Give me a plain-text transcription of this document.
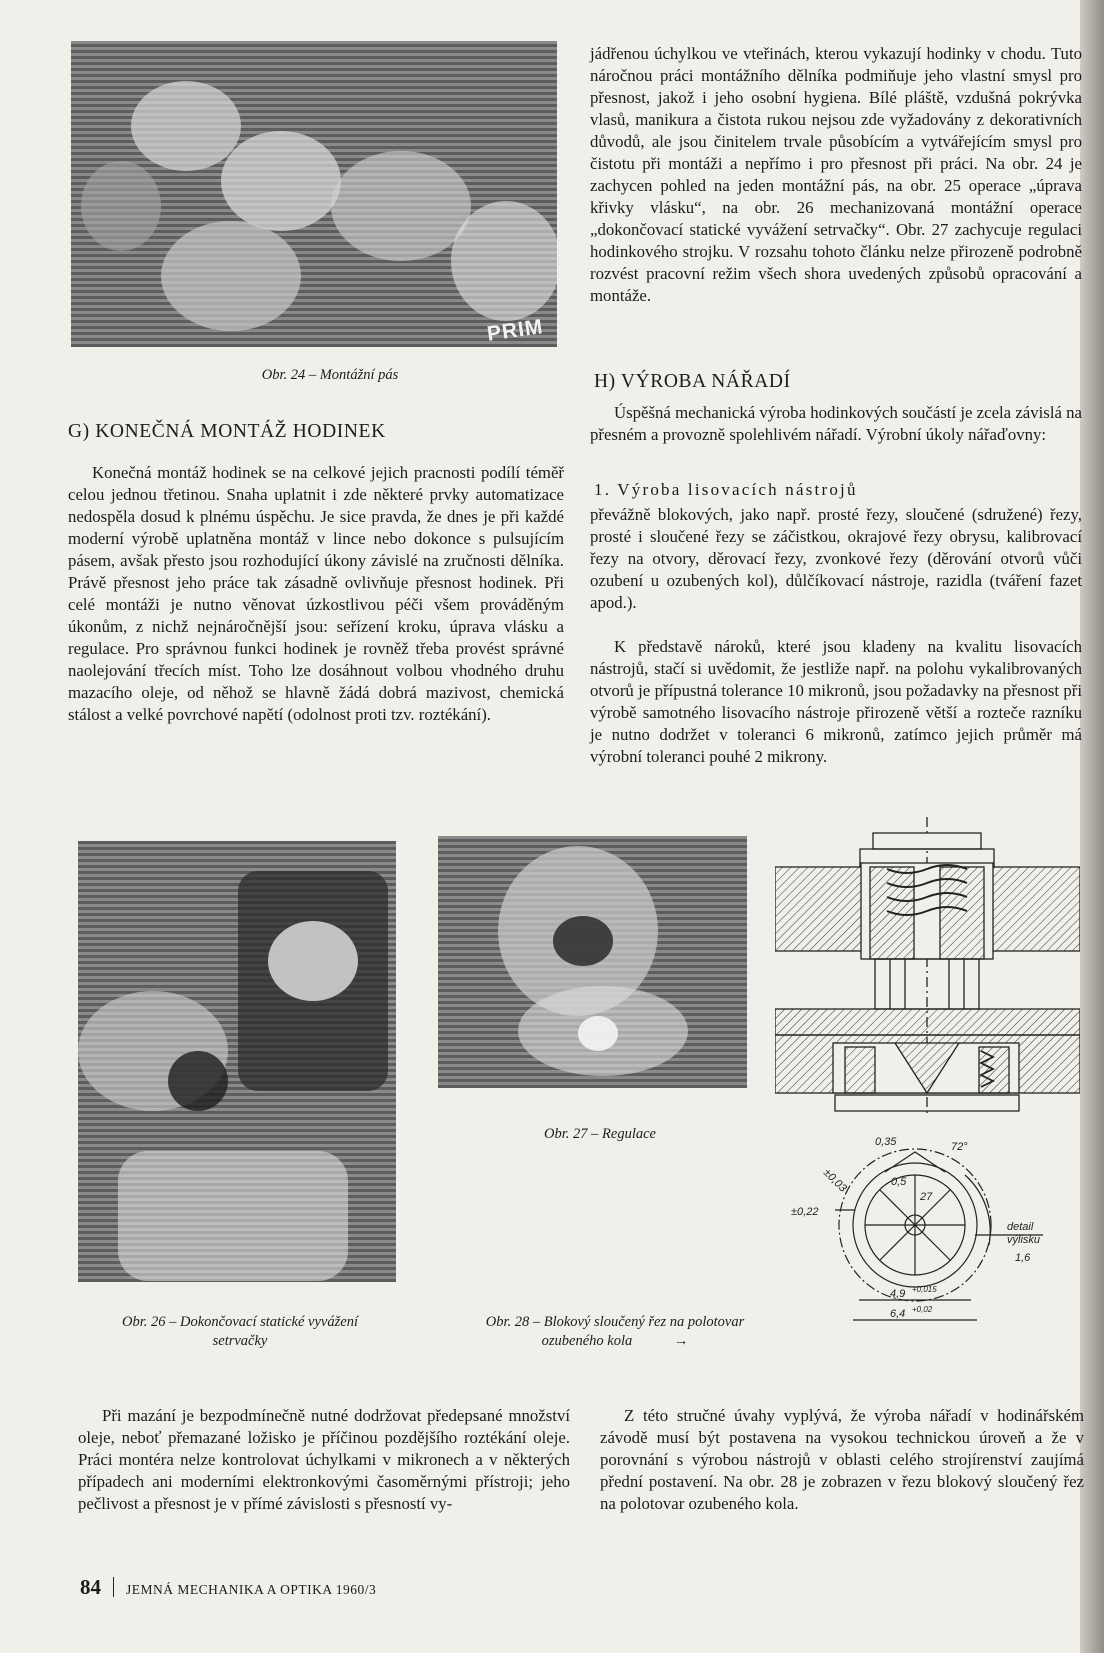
PRIM
Obr. 24 – Montážní pás
G) KONEČNÁ MONTÁŽ HODINEK

Konečná montáž hodinek se na celkové jejich pracnosti podílí téměř celou jednou třetinou. Snaha uplatnit i zde některé prvky automatizace nedospěla dosud k plnému úspěchu. Je sice pravda, že dnes je při každé moderní výrobě uplatněna montáž v lince nebo dokonce s pulsujícím pásem, avšak přesto jsou rozhodující úkony závislé na zručnosti dělníka. Právě přesnost jeho práce tak zásadně ovlivňuje přesnost hodinek. Při celé montáži je nutno věnovat úzkostlivou péči všem prováděným úkonům, z nichž nejnáročnější jsou: seřízení kroku, úprava vlásku a regulace. Pro správnou funkci hodinek je rovněž třeba provést správné naolejování třecích míst. Toho lze dosáhnout volbou vhodného druhu mazacího oleje, od něhož se hlavně žádá dobrá mazivost, chemická stálost a velké povrchové napětí (odolnost proti tzv. roztékání).

jádřenou úchylkou ve vteřinách, kterou vykazují hodinky v chodu. Tuto náročnou práci montážního dělníka podmiňuje jeho vlastní smysl pro přesnost, jakož i jeho osobní hygiena. Bílé pláště, vzdušná pokrývka vlasů, manikura a čistota rukou nejsou zde vyžadovány z dekorativních důvodů, ale jsou činitelem trvale působícím a vytvářejícím smysl pro čistotu při montáži a nepřímo i pro přesnost při práci. Na obr. 24 je zachycen pohled na jeden montážní pás, na obr. 25 operace „úprava křivky vlásku“, na obr. 26 mechanizovaná montážní operace „dokončovací statické vyvážení setrvačky“. Obr. 27 zachycuje regulaci hodinkového strojku. V rozsahu tohoto článku nelze přirozeně podrobně rozvést pracovní režim všech shora uvedených způsobů opracování a montáže.

H) VÝROBA NÁŘADÍ

Úspěšná mechanická výroba hodinkových součástí je zcela závislá na přesném a provozně spolehlivém nářadí. Výrobní úkoly nářaďovny:

1. Výroba lisovacích nástrojů

převážně blokových, jako např. prosté řezy, sloučené (sdružené) řezy, prosté i sloučené řezy se záčistkou, okrajové řezy obrysu, kalibrovací řezy na otvory, děrovací řezy, zvonkové řezy (děrování otvorů vůči ozubení u ozubených kol), důlčíkovací nástroje, razidla (tváření fazet apod.).

K představě nároků, které jsou kladeny na kvalitu lisovacích nástrojů, stačí si uvědomit, že jestliže např. na polohu vykalibrovaných otvorů je přípustná tolerance 10 mikronů, jsou požadavky na přesnost při výrobě samotného lisovacího nástroje přirozeně větší a rozteče razníku je nutno dodržet v toleranci 6 mikronů, zatímco jejich průměr má výrobní toleranci pouhé 2 mikrony.

Obr. 26 – Dokončovací statické vyvážení
setrvačky
Obr. 27 – Regulace
Obr. 28 – Blokový sloučený řez na polotovar
ozubeného kola	→
0,35	72°
±0,03	0,5
27
±0,22
4,9 +0,015
6,4 +0,02
detail
výlisku
1,6

Při mazání je bezpodmínečně nutné dodržovat předepsané množství oleje, neboť přemazané ložisko je příčinou pozdějšího roztékání oleje. Práci montéra nelze kontrolovat úchylkami v mikronech a v některých případech ani moderními elektronkovými časoměrnými přístroji; jeho pečlivost a přesnost je v přímé závislosti s přesností vy-

Z této stručné úvahy vyplývá, že výroba nářadí v hodinářském závodě musí být postavena na vysokou technickou úroveň a že v porovnání s výrobou nástrojů v oblasti celého strojírenství zaujímá přední postavení. Na obr. 28 je zobrazen v řezu blokový sloučený řez na polotovar ozubeného kola.

84 JEMNÁ MECHANIKA A OPTIKA 1960/3
